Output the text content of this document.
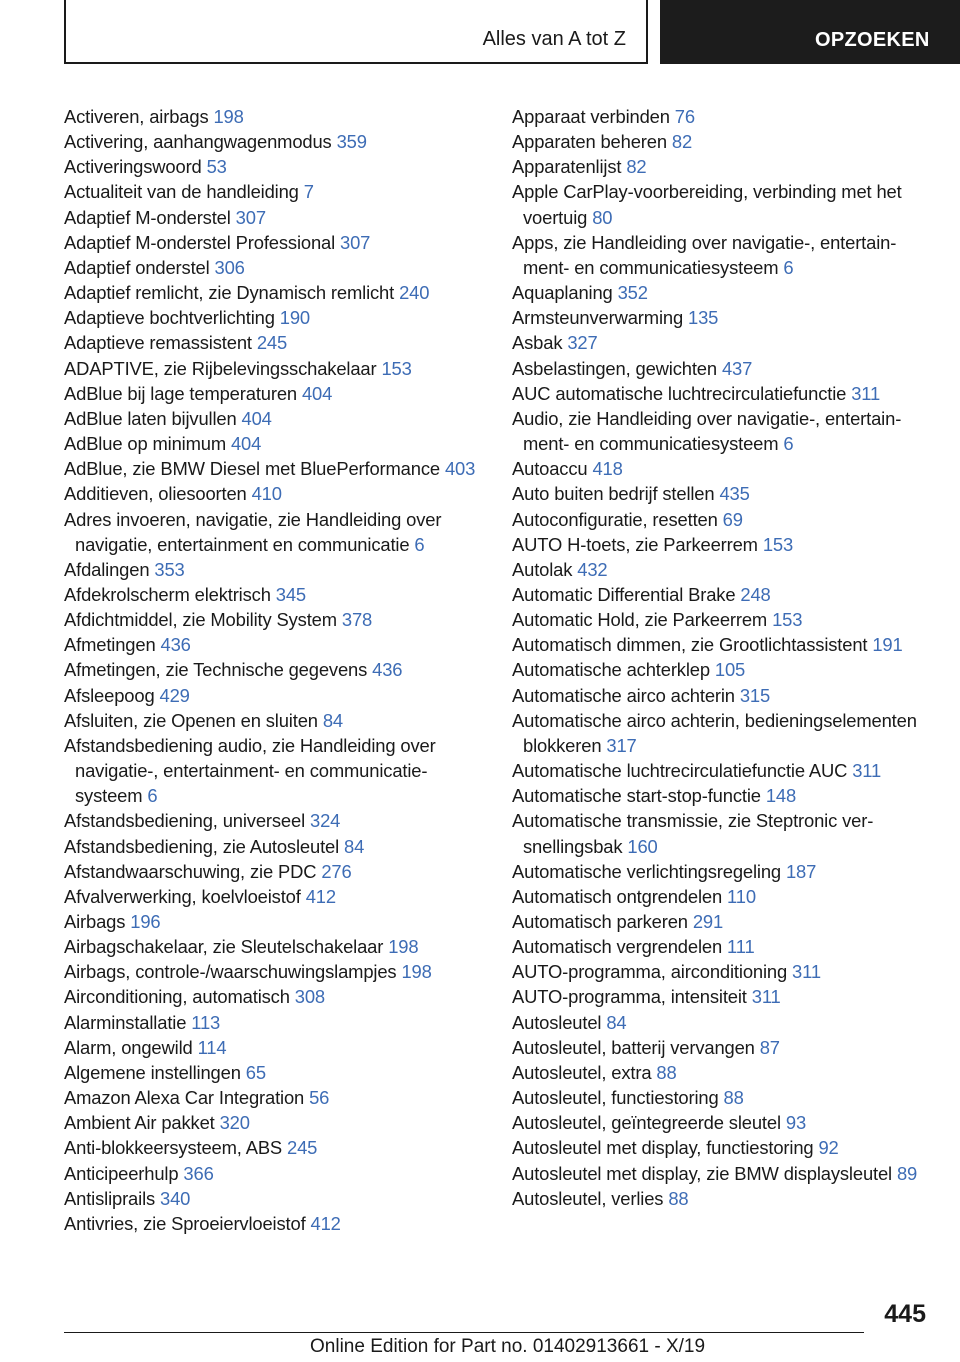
Alles van A tot Z	OPZOEKEN
Activeren, airbags 198
Activering, aanhangwagenmodus 359
Activeringswoord 53
Actualiteit van de handleiding 7
Adaptief M-onderstel 307
Adaptief M-onderstel Professional 307
Adaptief onderstel 306
Adaptief remlicht, zie Dynamisch remlicht 240
Adaptieve bochtverlichting 190
Adaptieve remassistent 245
ADAPTIVE, zie Rijbelevingsschakelaar 153
AdBlue bij lage temperaturen 404
AdBlue laten bijvullen 404
AdBlue op minimum 404
AdBlue, zie BMW Diesel met BluePerformance 403
Additieven, oliesoorten 410
Adres invoeren, navigatie, zie Handleiding over navigatie, entertainment en communicatie 6
Afdalingen 353
Afdekrolscherm elektrisch 345
Afdichtmiddel, zie Mobility System 378
Afmetingen 436
Afmetingen, zie Technische gegevens 436
Afsleepoog 429
Afsluiten, zie Openen en sluiten 84
Afstandsbediening audio, zie Handleiding over navigatie-, entertainment- en communicatiesysteem 6
Afstandsbediening, universeel 324
Afstandsbediening, zie Autosleutel 84
Afstandwaarschuwing, zie PDC 276
Afvalverwerking, koelvloeistof 412
Airbags 196
Airbagschakelaar, zie Sleutelschakelaar 198
Airbags, controle-/waarschuwingslampjes 198
Airconditioning, automatisch 308
Alarminstallatie 113
Alarm, ongewild 114
Algemene instellingen 65
Amazon Alexa Car Integration 56
Ambient Air pakket 320
Anti-blokkeersysteem, ABS 245
Anticipeerhulp 366
Antisliprails 340
Antivries, zie Sproeiervloeistof 412
Apparaat verbinden 76
Apparaten beheren 82
Apparatenlijst 82
Apple CarPlay-voorbereiding, verbinding met het voertuig 80
Apps, zie Handleiding over navigatie-, entertainment- en communicatiesysteem 6
Aquaplaning 352
Armsteunverwarming 135
Asbak 327
Asbelastingen, gewichten 437
AUC automatische luchtrecirculatiefunctie 311
Audio, zie Handleiding over navigatie-, entertainment- en communicatiesysteem 6
Autoaccu 418
Auto buiten bedrijf stellen 435
Autoconfiguratie, resetten 69
AUTO H-toets, zie Parkeerrem 153
Autolak 432
Automatic Differential Brake 248
Automatic Hold, zie Parkeerrem 153
Automatisch dimmen, zie Grootlichtassistent 191
Automatische achterklep 105
Automatische airco achterin 315
Automatische airco achterin, bedieningselementen blokkeren 317
Automatische luchtrecirculatiefunctie AUC 311
Automatische start-stop-functie 148
Automatische transmissie, zie Steptronic versnellingsbak 160
Automatische verlichtingsregeling 187
Automatisch ontgrendelen 110
Automatisch parkeren 291
Automatisch vergrendelen 111
AUTO-programma, airconditioning 311
AUTO-programma, intensiteit 311
Autosleutel 84
Autosleutel, batterij vervangen 87
Autosleutel, extra 88
Autosleutel, functiestoring 88
Autosleutel, geïntegreerde sleutel 93
Autosleutel met display, functiestoring 92
Autosleutel met display, zie BMW displaysleutel 89
Autosleutel, verlies 88
445
Online Edition for Part no. 01402913661 - X/19
